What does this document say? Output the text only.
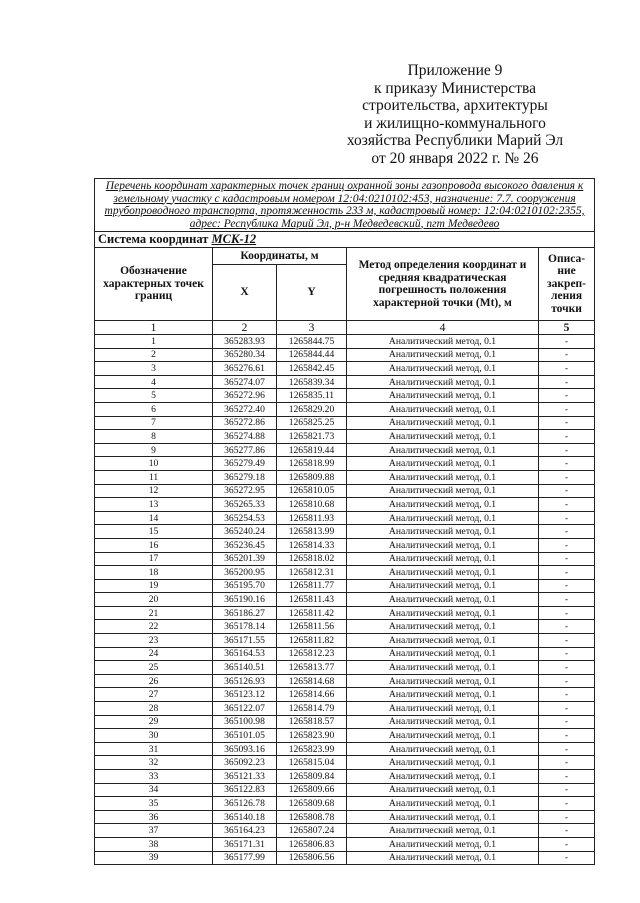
Приложение 9
к приказу Министерства
строительства, архитектуры
и жилищно-коммунального
хозяйства Республики Марий Эл
от 20 января 2022 г. № 26
Перечень координат характерных точек границ охранной зоны газопровода высокого давления к земельному участку с кадастровым номером 12:04:0210102:453, назначение: 7.7. сооружения трубопроводного транспорта, протяженность 233 м, кадастровый номер: 12:04:0210102:2355, адрес: Республика Марий Эл, р-н Медведевский, пгт Медведево				
Система координат МСК-12				
Обозначение характерных точек границ	Координаты, м		Метод определения координат и средняя квадратическая погрешность положения характерной точки (Mt), м	Описа-ние закреп-ления точки
	X	Y		
1	2	3	4	5
1	365283.93	1265844.75	Аналитический метод, 0.1	-
2	365280.34	1265844.44	Аналитический метод, 0.1	-
3	365276.61	1265842.45	Аналитический метод, 0.1	-
4	365274.07	1265839.34	Аналитический метод, 0.1	-
5	365272.96	1265835.11	Аналитический метод, 0.1	-
6	365272.40	1265829.20	Аналитический метод, 0.1	-
7	365272.86	1265825.25	Аналитический метод, 0.1	-
8	365274.88	1265821.73	Аналитический метод, 0.1	-
9	365277.86	1265819.44	Аналитический метод, 0.1	-
10	365279.49	1265818.99	Аналитический метод, 0.1	-
11	365279.18	1265809.88	Аналитический метод, 0.1	-
12	365272.95	1265810.05	Аналитический метод, 0.1	-
13	365265.33	1265810.68	Аналитический метод, 0.1	-
14	365254.53	1265811.93	Аналитический метод, 0.1	-
15	365240.24	1265813.99	Аналитический метод, 0.1	-
16	365236.45	1265814.33	Аналитический метод, 0.1	-
17	365201.39	1265818.02	Аналитический метод, 0.1	-
18	365200.95	1265812.31	Аналитический метод, 0.1	-
19	365195.70	1265811.77	Аналитический метод, 0.1	-
20	365190.16	1265811.43	Аналитический метод, 0.1	-
21	365186.27	1265811.42	Аналитический метод, 0.1	-
22	365178.14	1265811.56	Аналитический метод, 0.1	-
23	365171.55	1265811.82	Аналитический метод, 0.1	-
24	365164.53	1265812.23	Аналитический метод, 0.1	-
25	365140.51	1265813.77	Аналитический метод, 0.1	-
26	365126.93	1265814.68	Аналитический метод, 0.1	-
27	365123.12	1265814.66	Аналитический метод, 0.1	-
28	365122.07	1265814.79	Аналитический метод, 0.1	-
29	365100.98	1265818.57	Аналитический метод, 0.1	-
30	365101.05	1265823.90	Аналитический метод, 0.1	-
31	365093.16	1265823.99	Аналитический метод, 0.1	-
32	365092.23	1265815.04	Аналитический метод, 0.1	-
33	365121.33	1265809.84	Аналитический метод, 0.1	-
34	365122.83	1265809.66	Аналитический метод, 0.1	-
35	365126.78	1265809.68	Аналитический метод, 0.1	-
36	365140.18	1265808.78	Аналитический метод, 0.1	-
37	365164.23	1265807.24	Аналитический метод, 0.1	-
38	365171.31	1265806.83	Аналитический метод, 0.1	-
39	365177.99	1265806.56	Аналитический метод, 0.1	-
